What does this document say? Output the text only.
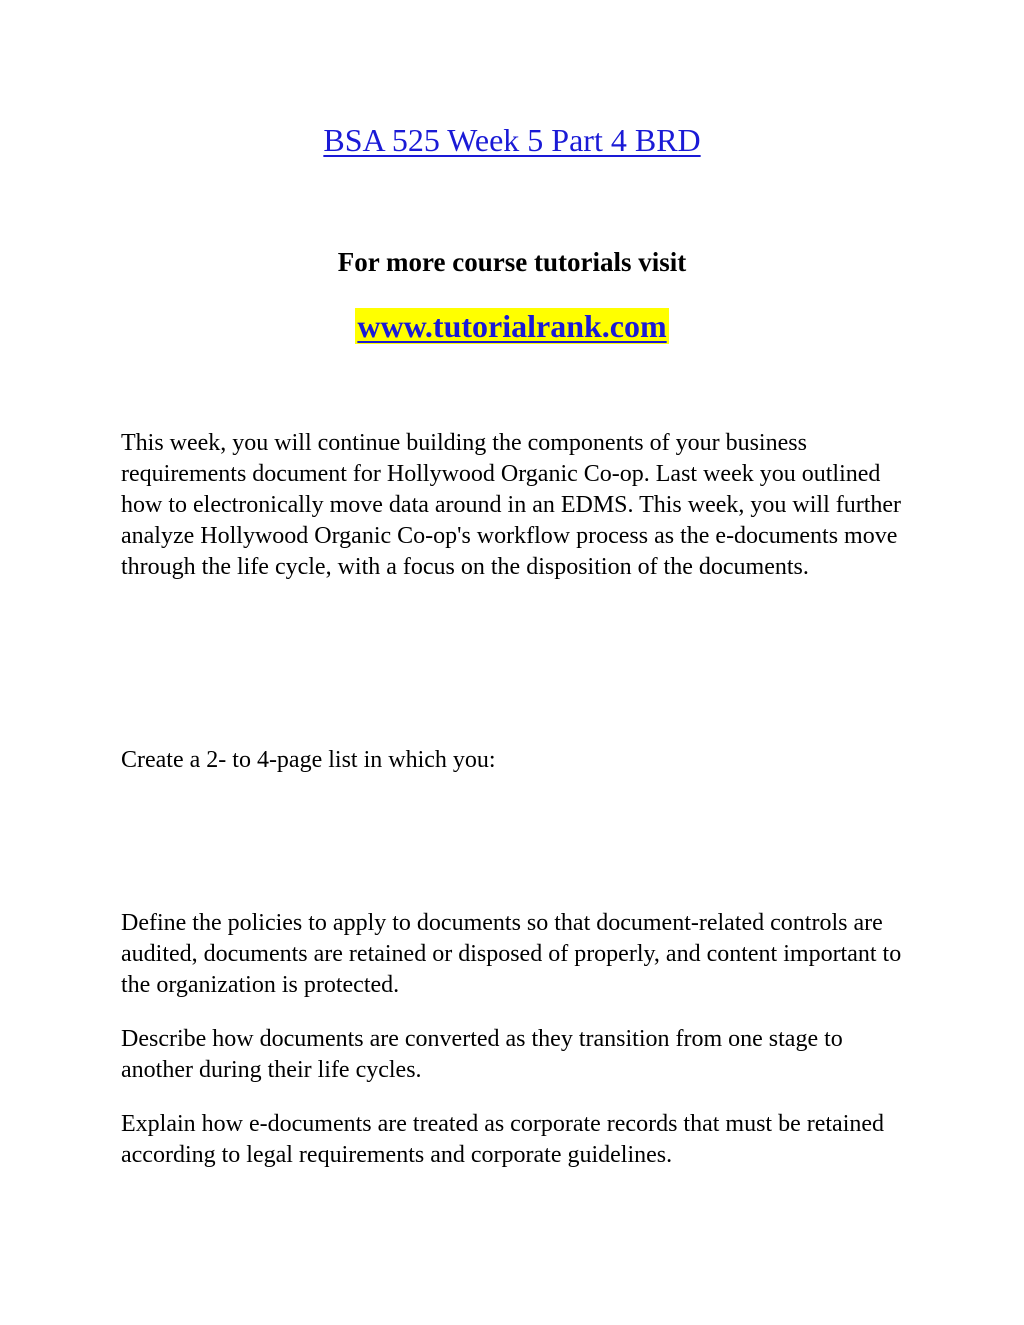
BSA 525 Week 5 Part 4 BRD
For more course tutorials visit
www.tutorialrank.com

This week, you will continue building the components of your business requirements document for Hollywood Organic Co-op. Last week you outlined how to electronically move data around in an EDMS. This week, you will further analyze Hollywood Organic Co-op's workflow process as the e-documents move through the life cycle, with a focus on the disposition of the documents.

Create a 2- to 4-page list in which you:

Define the policies to apply to documents so that document-related controls are audited, documents are retained or disposed of properly, and content important to the organization is protected.

Describe how documents are converted as they transition from one stage to another during their life cycles.

Explain how e-documents are treated as corporate records that must be retained according to legal requirements and corporate guidelines.
